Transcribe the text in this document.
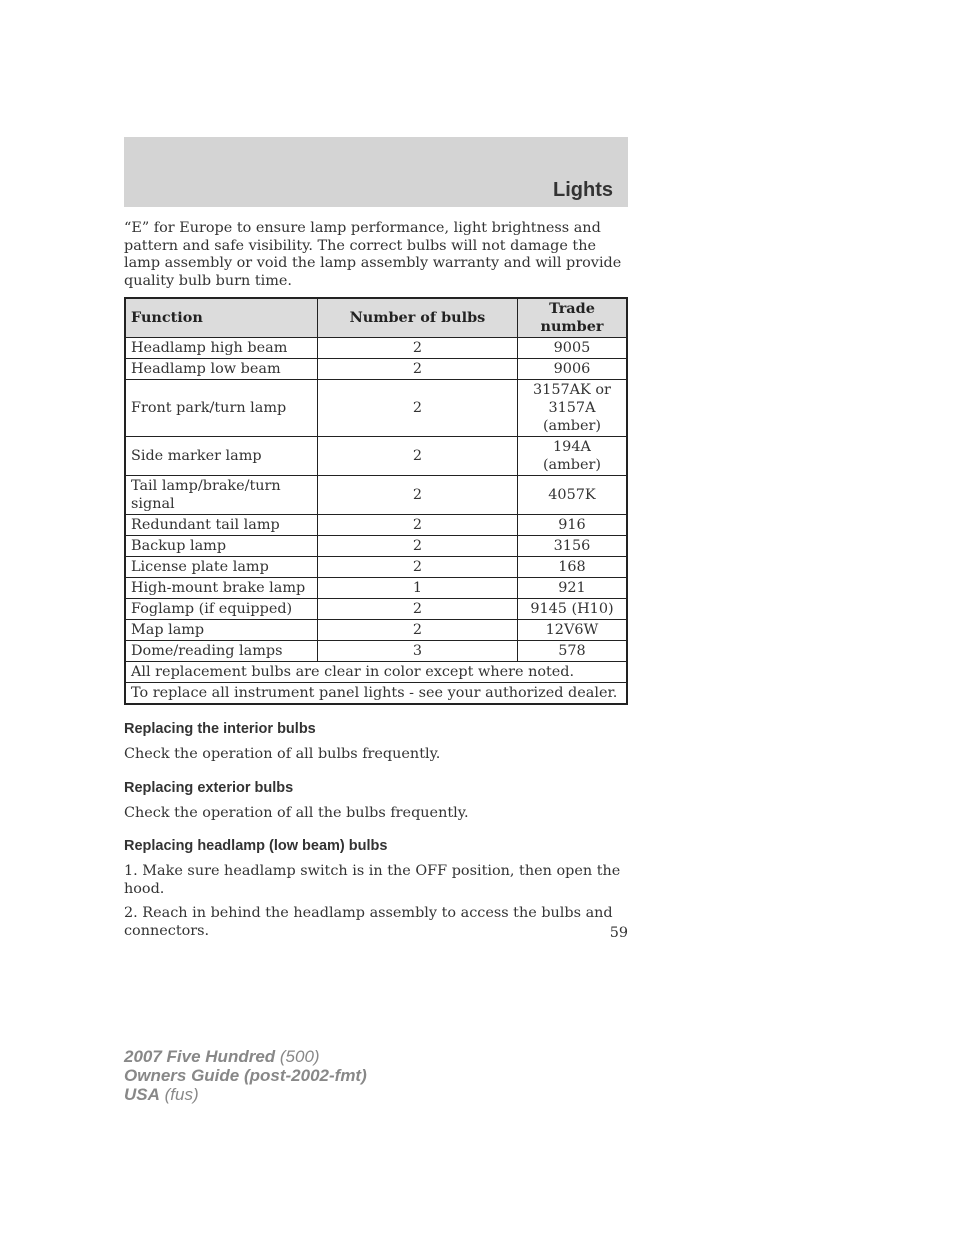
Lights

“E” for Europe to ensure lamp performance, light brightness and pattern and safe visibility. The correct bulbs will not damage the lamp assembly or void the lamp assembly warranty and will provide quality bulb burn time.

Function	Number of bulbs	Trade number
Headlamp high beam	2	9005
Headlamp low beam	2	9006
Front park/turn lamp	2	3157AK or 3157A (amber)
Side marker lamp	2	194A (amber)
Tail lamp/brake/turn signal	2	4057K
Redundant tail lamp	2	916
Backup lamp	2	3156
License plate lamp	2	168
High-mount brake lamp	1	921
Foglamp (if equipped)	2	9145 (H10)
Map lamp	2	12V6W
Dome/reading lamps	3	578
All replacement bulbs are clear in color except where noted.		
To replace all instrument panel lights - see your authorized dealer.		
Replacing the interior bulbs

Check the operation of all bulbs frequently.

Replacing exterior bulbs

Check the operation of all the bulbs frequently.

Replacing headlamp (low beam) bulbs

1. Make sure headlamp switch is in the OFF position, then open the hood.

2. Reach in behind the headlamp assembly to access the bulbs and connectors.	59
2007 Five Hundred (500)
Owners Guide (post-2002-fmt)
USA (fus)
